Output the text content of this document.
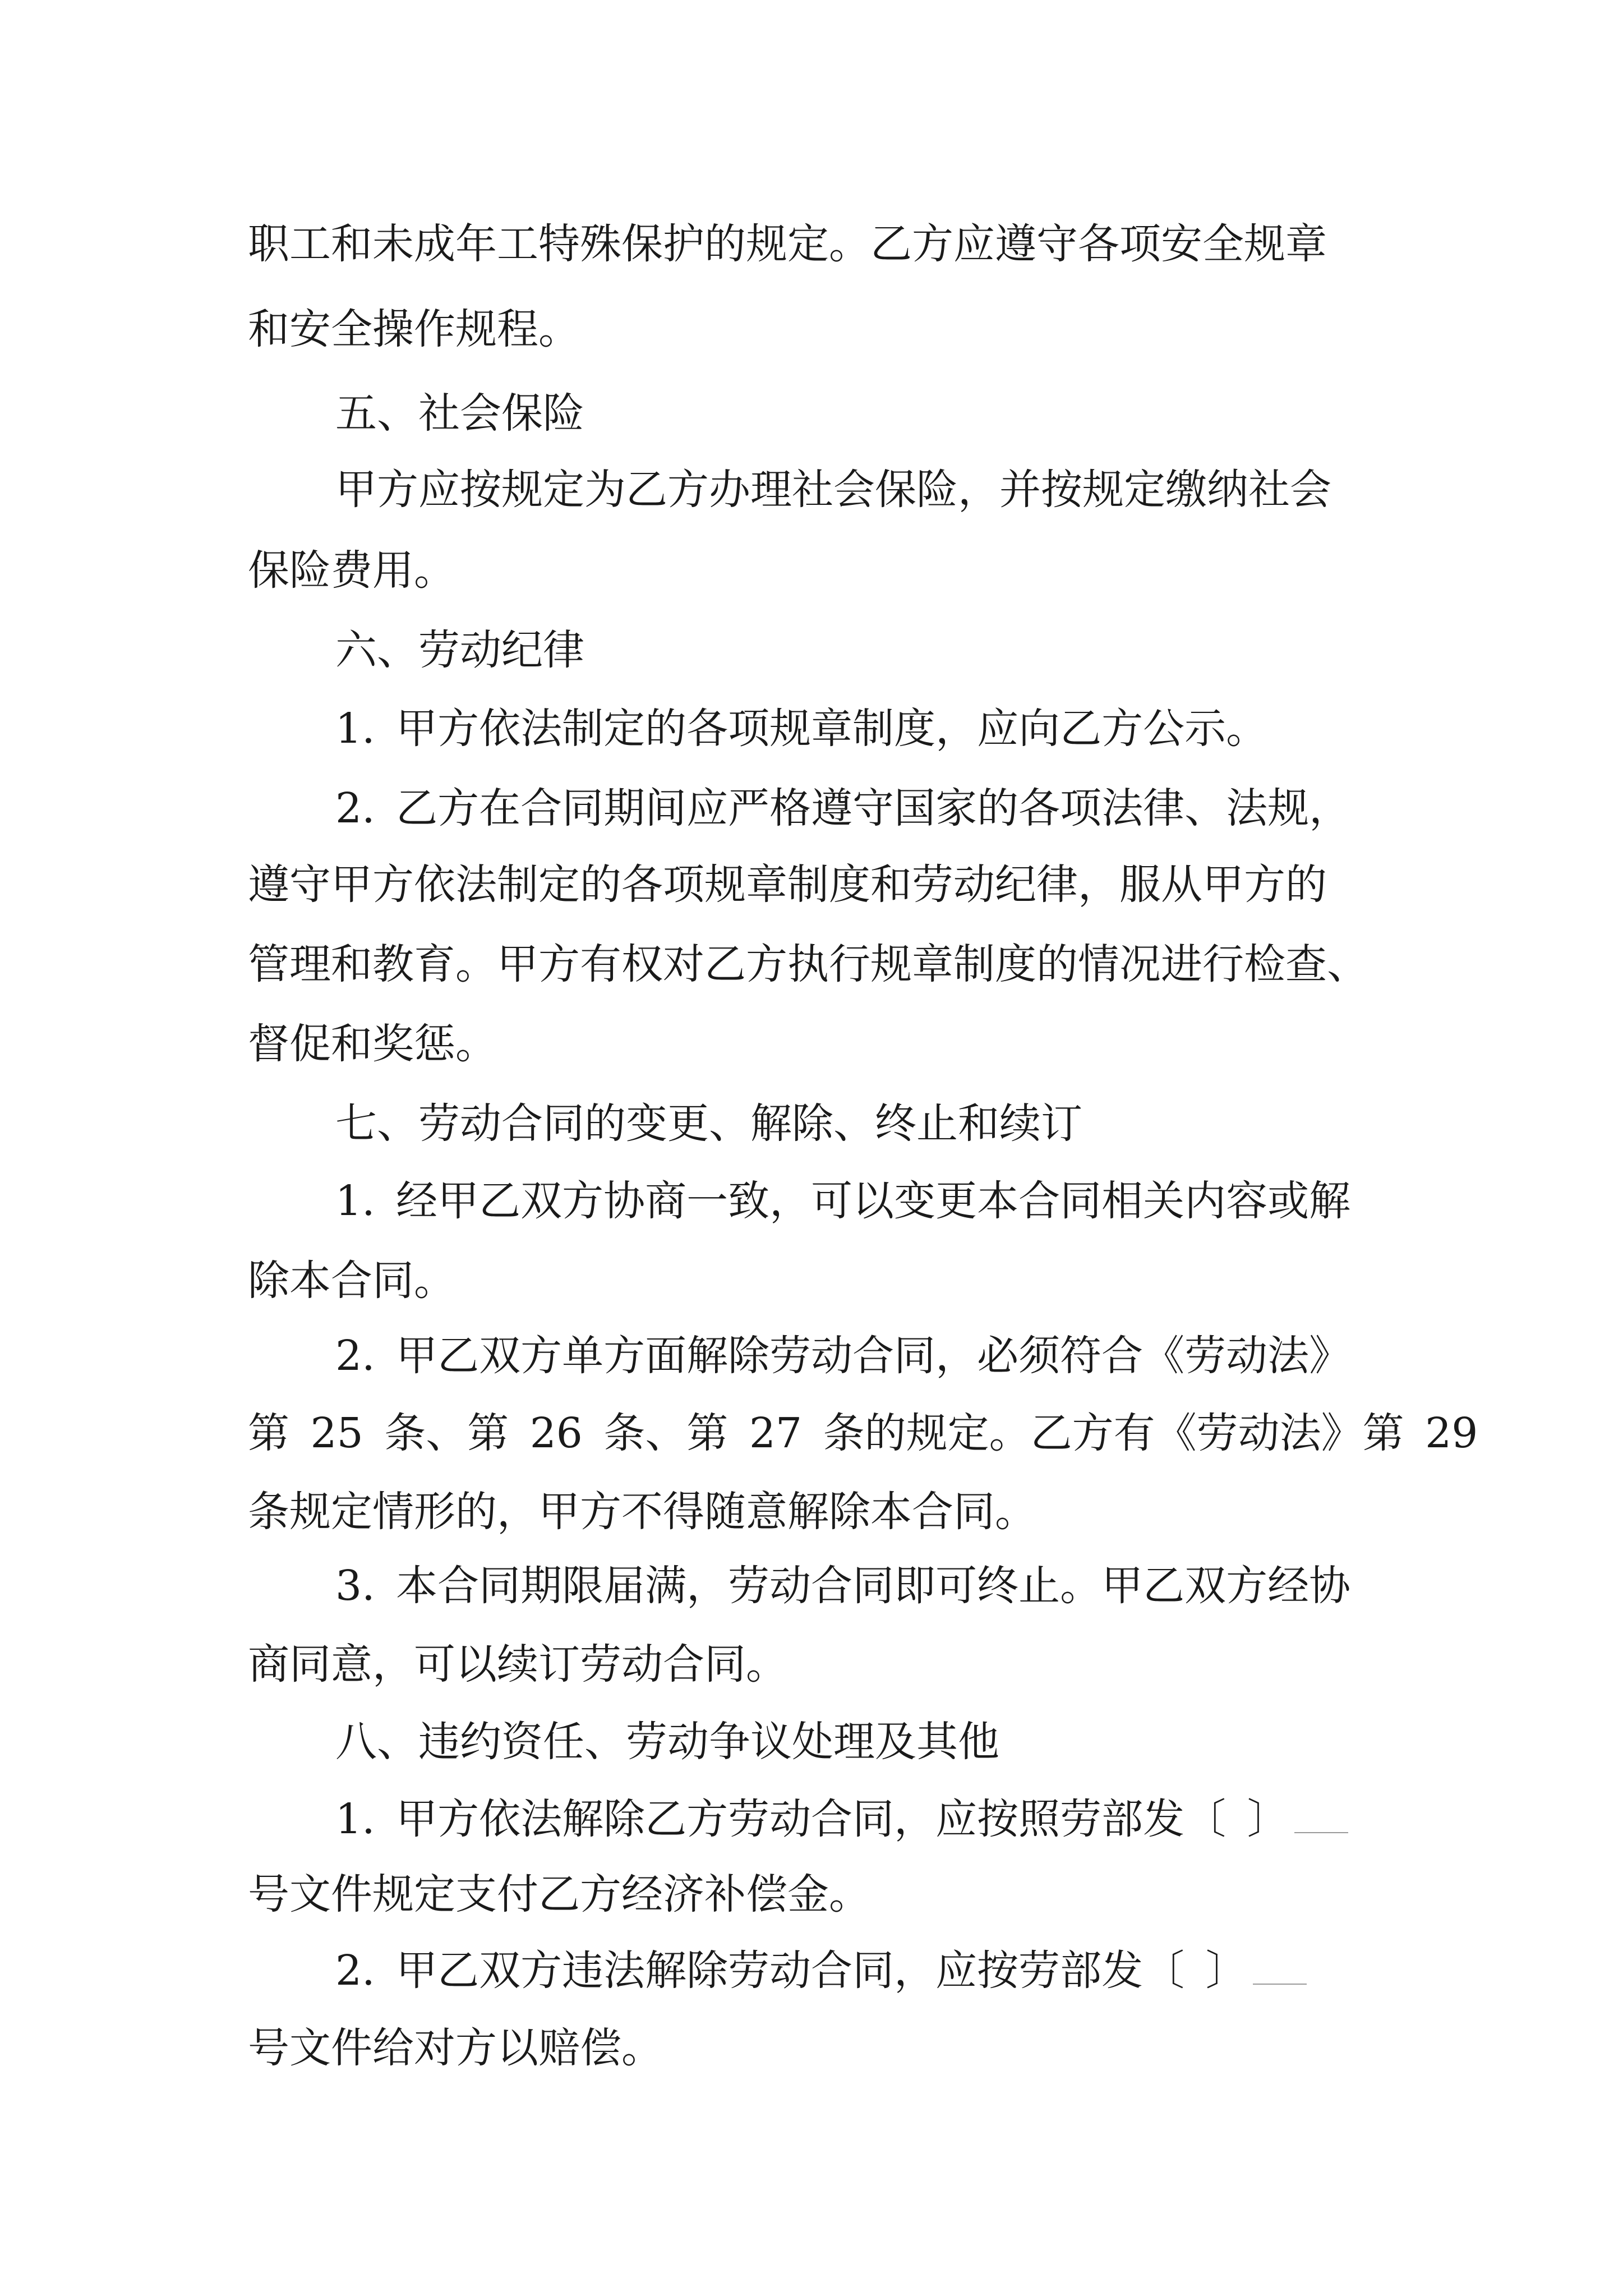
职工和未成年工特殊保护的规定。乙方应遵守各项安全规章

和安全操作规程。

五、社会保险

甲方应按规定为乙方办理社会保险，并按规定缴纳社会

保险费用。

六、劳动纪律

1. 甲方依法制定的各项规章制度，应向乙方公示。

2. 乙方在合同期间应严格遵守国家的各项法律、法规，

遵守甲方依法制定的各项规章制度和劳动纪律，服从甲方的

管理和教育。甲方有权对乙方执行规章制度的情况进行检查、

督促和奖惩。

七、劳动合同的变更、解除、终止和续订

1. 经甲乙双方协商一致，可以变更本合同相关内容或解

除本合同。

2. 甲乙双方单方面解除劳动合同，必须符合《劳动法》

第 25 条、第 26 条、第 27 条的规定。乙方有《劳动法》第 29

条规定情形的，甲方不得随意解除本合同。

3. 本合同期限届满，劳动合同即可终止。甲乙双方经协

商同意，可以续订劳动合同。

八、违约资任、劳动争议处理及其他

1. 甲方依法解除乙方劳动合同，应按照劳部发〔 〕

号文件规定支付乙方经济补偿金。

2. 甲乙双方违法解除劳动合同，应按劳部发〔 〕

号文件给对方以赔偿。
